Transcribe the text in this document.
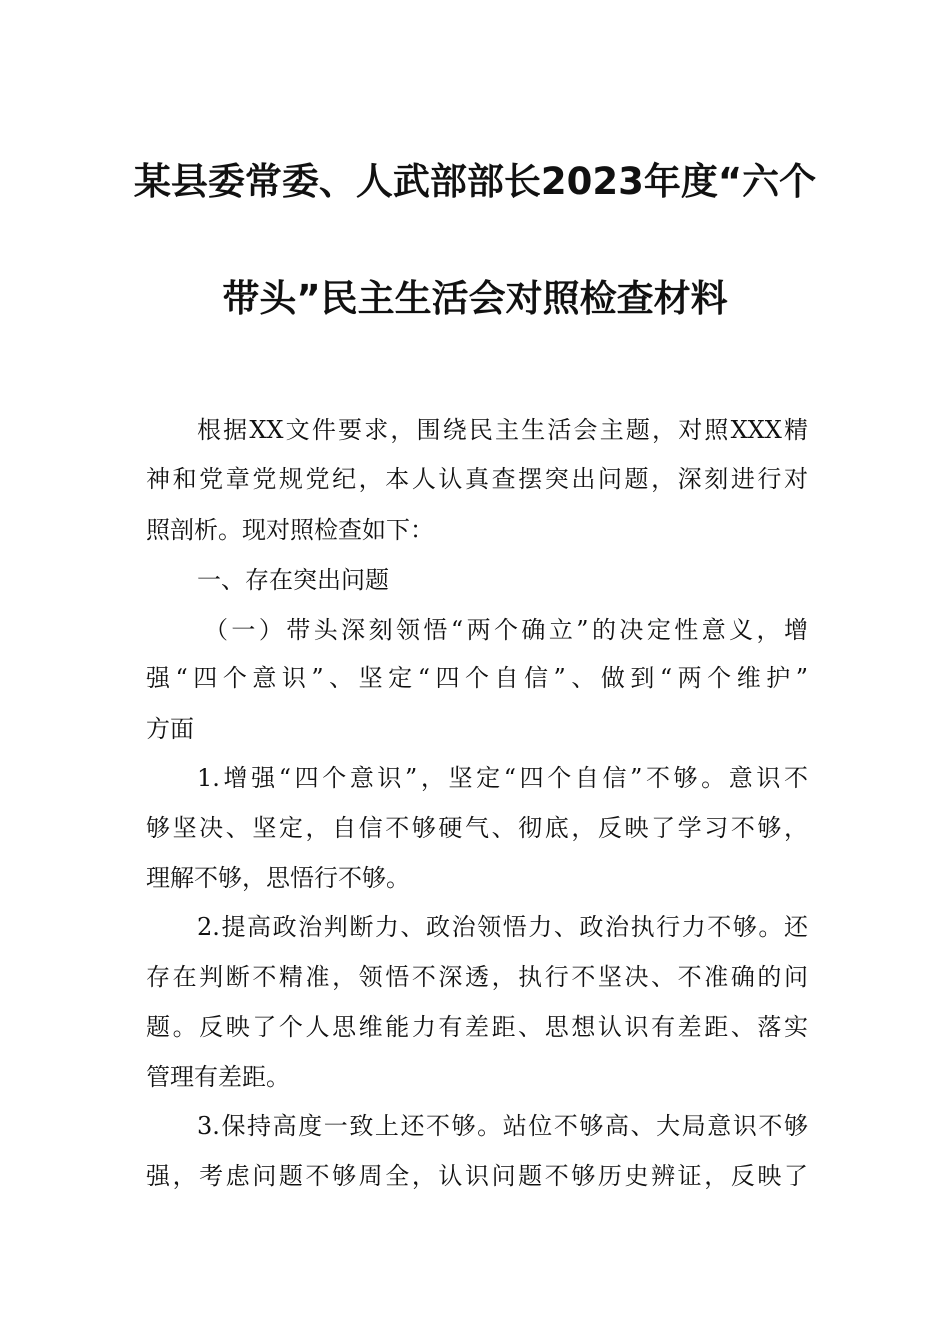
某县委常委、人武部部长2023年度“六个
带头”民主生活会对照检查材料
根据XX文件要求，围绕民主生活会主题，对照XXX精
神和党章党规党纪，本人认真查摆突出问题，深刻进行对
照剖析。现对照检查如下：
一、存在突出问题
（一）带头深刻领悟“两个确立”的决定性意义，增
强“四个意识”、坚定“四个自信”、做到“两个维护”
方面
1.增强“四个意识”，坚定“四个自信”不够。意识不
够坚决、坚定，自信不够硬气、彻底，反映了学习不够，
理解不够，思悟行不够。
2.提高政治判断力、政治领悟力、政治执行力不够。还
存在判断不精准，领悟不深透，执行不坚决、不准确的问
题。反映了个人思维能力有差距、思想认识有差距、落实
管理有差距。
3.保持高度一致上还不够。站位不够高、大局意识不够
强，考虑问题不够周全，认识问题不够历史辨证，反映了
